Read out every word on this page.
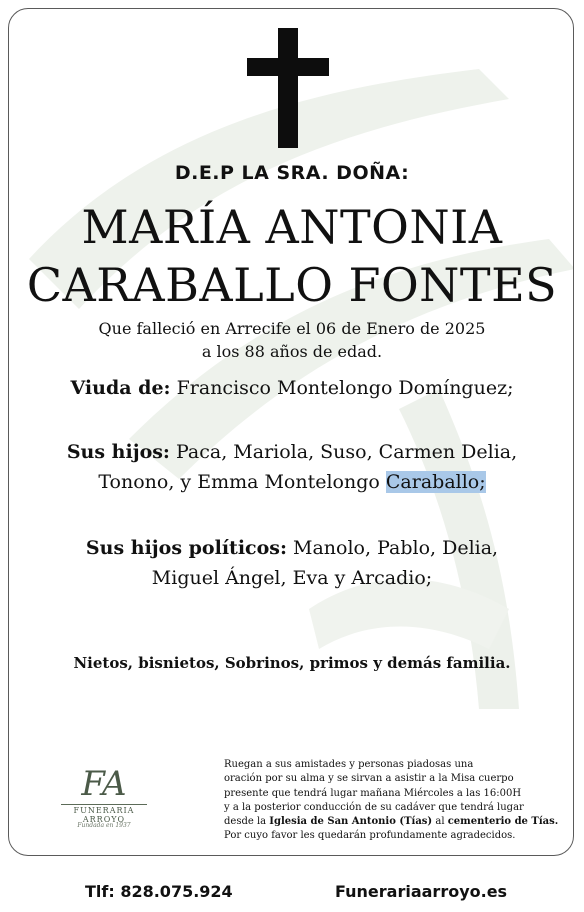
D.E.P LA SRA. DOÑA:
MARÍA ANTONIA
CARABALLO FONTES
Que falleció en Arrecife el 06 de Enero de 2025
a los 88 años de edad.
Viuda de: Francisco Montelongo Domínguez;
Sus hijos: Paca, Mariola, Suso, Carmen Delia,
Tonono, y Emma Montelongo Caraballo;
Sus hijos políticos: Manolo, Pablo, Delia,
Miguel Ángel, Eva y Arcadio;
Nietos, bisnietos, Sobrinos, primos y demás familia.
FA
FUNERARIA ARROYO
Fundada en 1937
Ruegan a sus amistades y personas piadosas una
oración por su alma y se sirvan a asistir a la Misa cuerpo
presente que tendrá lugar mañana Miércoles a las 16:00H
y a la posterior conducción de su cadáver que tendrá lugar
desde la Iglesia de San Antonio (Tías) al cementerio de Tías.
Por cuyo favor les quedarán profundamente agradecidos.
Tlf: 828.075.924	Funerariaarroyo.es
